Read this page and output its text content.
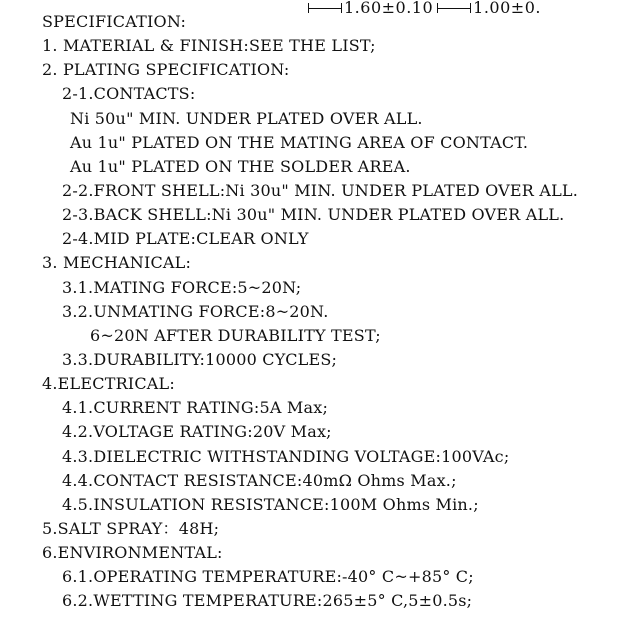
1.60±0.10	1.00±0.
SPECIFICATION:
1. MATERIAL & FINISH:SEE THE LIST;
2. PLATING SPECIFICATION:
2-1.CONTACTS:
Ni 50u" MIN. UNDER PLATED OVER ALL.
Au 1u" PLATED ON THE MATING AREA OF CONTACT.
Au 1u" PLATED ON THE SOLDER AREA.
2-2.FRONT SHELL:Ni 30u" MIN. UNDER PLATED OVER ALL.
2-3.BACK SHELL:Ni 30u" MIN. UNDER PLATED OVER ALL.
2-4.MID PLATE:CLEAR ONLY
3. MECHANICAL:
3.1.MATING FORCE:5~20N;
3.2.UNMATING FORCE:8~20N.
6~20N AFTER DURABILITY TEST;
3.3.DURABILITY:10000 CYCLES;
4.ELECTRICAL:
4.1.CURRENT RATING:5A Max;
4.2.VOLTAGE RATING:20V Max;
4.3.DIELECTRIC WITHSTANDING VOLTAGE:100VAc;
4.4.CONTACT RESISTANCE:40mΩ Ohms Max.;
4.5.INSULATION RESISTANCE:100M Ohms Min.;
5.SALT SPRAY：48H;
6.ENVIRONMENTAL:
6.1.OPERATING TEMPERATURE:-40° C~+85° C;
6.2.WETTING TEMPERATURE:265±5° C,5±0.5s;
